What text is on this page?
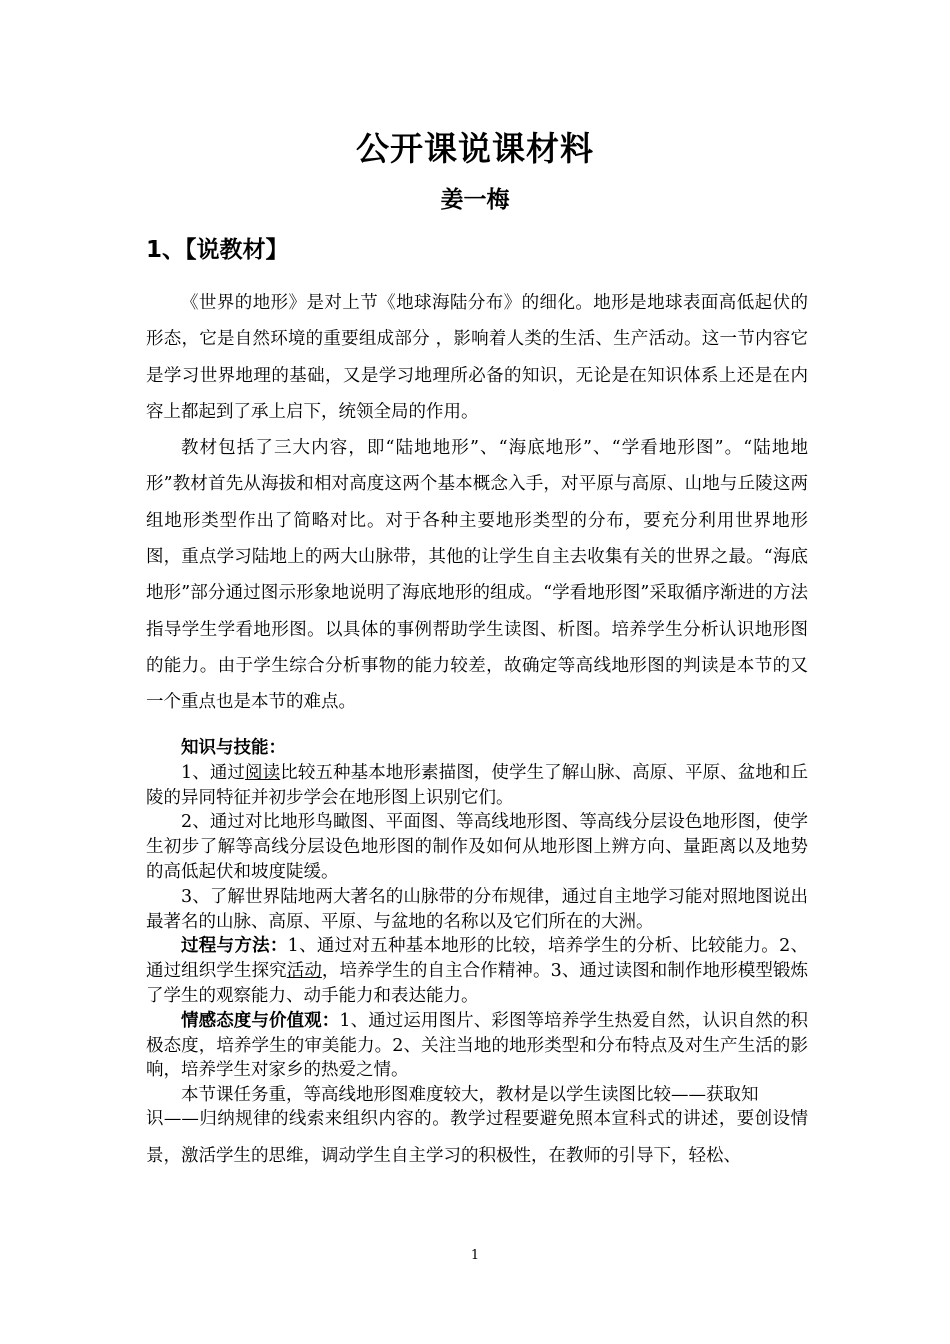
公开课说课材料
姜一梅
1、【说教材】

《世界的地形》是对上节《地球海陆分布》的细化。地形是地球表面高低起伏的形态，它是自然环境的重要组成部分 ，影响着人类的生活、生产活动。这一节内容它是学习世界地理的基础，又是学习地理所必备的知识，无论是在知识体系上还是在内容上都起到了承上启下，统领全局的作用。

教材包括了三大内容，即“陆地地形”、“海底地形”、“学看地形图”。“陆地地形”教材首先从海拔和相对高度这两个基本概念入手，对平原与高原、山地与丘陵这两组地形类型作出了简略对比。对于各种主要地形类型的分布，要充分利用世界地形图，重点学习陆地上的两大山脉带，其他的让学生自主去收集有关的世界之最。“海底地形”部分通过图示形象地说明了海底地形的组成。“学看地形图”采取循序渐进的方法指导学生学看地形图。以具体的事例帮助学生读图、析图。培养学生分析认识地形图的能力。由于学生综合分析事物的能力较差，故确定等高线地形图的判读是本节的又一个重点也是本节的难点。

知识与技能：

1、通过阅读比较五种基本地形素描图，使学生了解山脉、高原、平原、盆地和丘陵的异同特征并初步学会在地形图上识别它们。

2、通过对比地形鸟瞰图、平面图、等高线地形图、等高线分层设色地形图，使学生初步了解等高线分层设色地形图的制作及如何从地形图上辨方向、量距离以及地势的高低起伏和坡度陡缓。

3、了解世界陆地两大著名的山脉带的分布规律，通过自主地学习能对照地图说出最著名的山脉、高原、平原、与盆地的名称以及它们所在的大洲。

过程与方法：1、通过对五种基本地形的比较，培养学生的分析、比较能力。2、通过组织学生探究活动，培养学生的自主合作精神。3、通过读图和制作地形模型锻炼了学生的观察能力、动手能力和表达能力。

情感态度与价值观：1、通过运用图片、彩图等培养学生热爱自然，认识自然的积极态度，培养学生的审美能力。2、关注当地的地形类型和分布特点及对生产生活的影响，培养学生对家乡的热爱之情。

本节课任务重，等高线地形图难度较大，教材是以学生读图比较——获取知

识——归纳规律的线索来组织内容的。教学过程要避免照本宣科式的讲述，要创设情景，激活学生的思维，调动学生自主学习的积极性，在教师的引导下，轻松、

1
